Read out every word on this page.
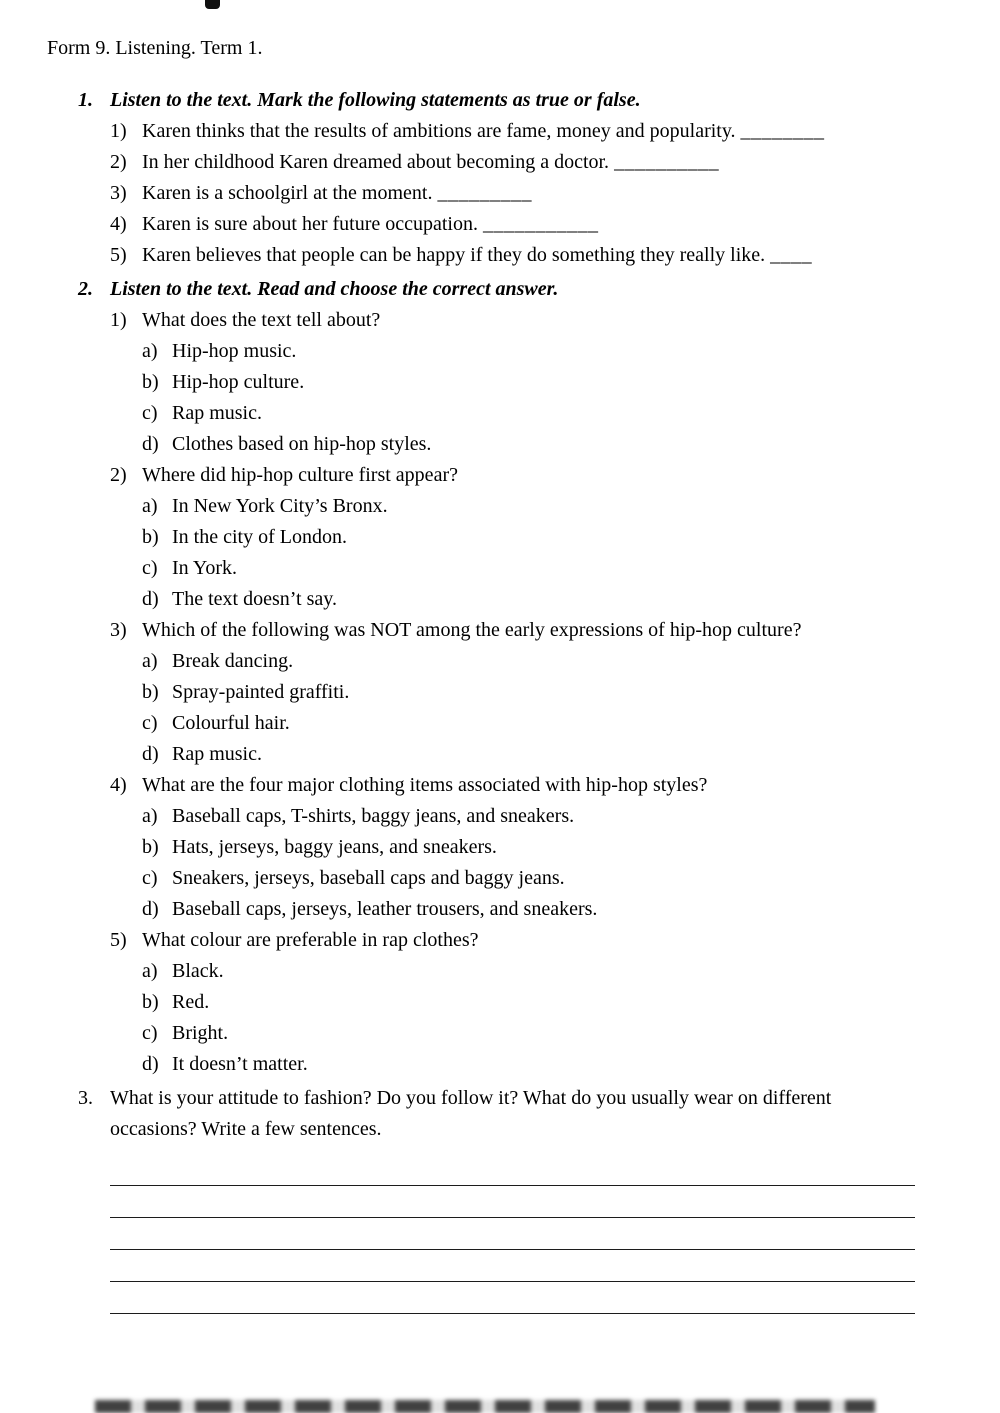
Form 9. Listening. Term 1.
1. Listen to the text. Mark the following statements as true or false.
1) Karen thinks that the results of ambitions are fame, money and popularity. ________
2) In her childhood Karen dreamed about becoming a doctor. __________
3) Karen is a schoolgirl at the moment. _________
4) Karen is sure about her future occupation. ___________
5) Karen believes that people can be happy if they do something they really like. ____
2. Listen to the text. Read and choose the correct answer.
1) What does the text tell about?
a) Hip-hop music.
b) Hip-hop culture.
c) Rap music.
d) Clothes based on hip-hop styles.
2) Where did hip-hop culture first appear?
a) In New York City’s Bronx.
b) In the city of London.
c) In York.
d) The text doesn’t say.
3) Which of the following was NOT among the early expressions of hip-hop culture?
a) Break dancing.
b) Spray-painted graffiti.
c) Colourful hair.
d) Rap music.
4) What are the four major clothing items associated with hip-hop styles?
a) Baseball caps, T-shirts, baggy jeans, and sneakers.
b) Hats, jerseys, baggy jeans, and sneakers.
c) Sneakers, jerseys, baseball caps and baggy jeans.
d) Baseball caps, jerseys, leather trousers, and sneakers.
5) What colour are preferable in rap clothes?
a) Black.
b) Red.
c) Bright.
d) It doesn’t matter.
3. What is your attitude to fashion? Do you follow it? What do you usually wear on different occasions? Write a few sentences.
